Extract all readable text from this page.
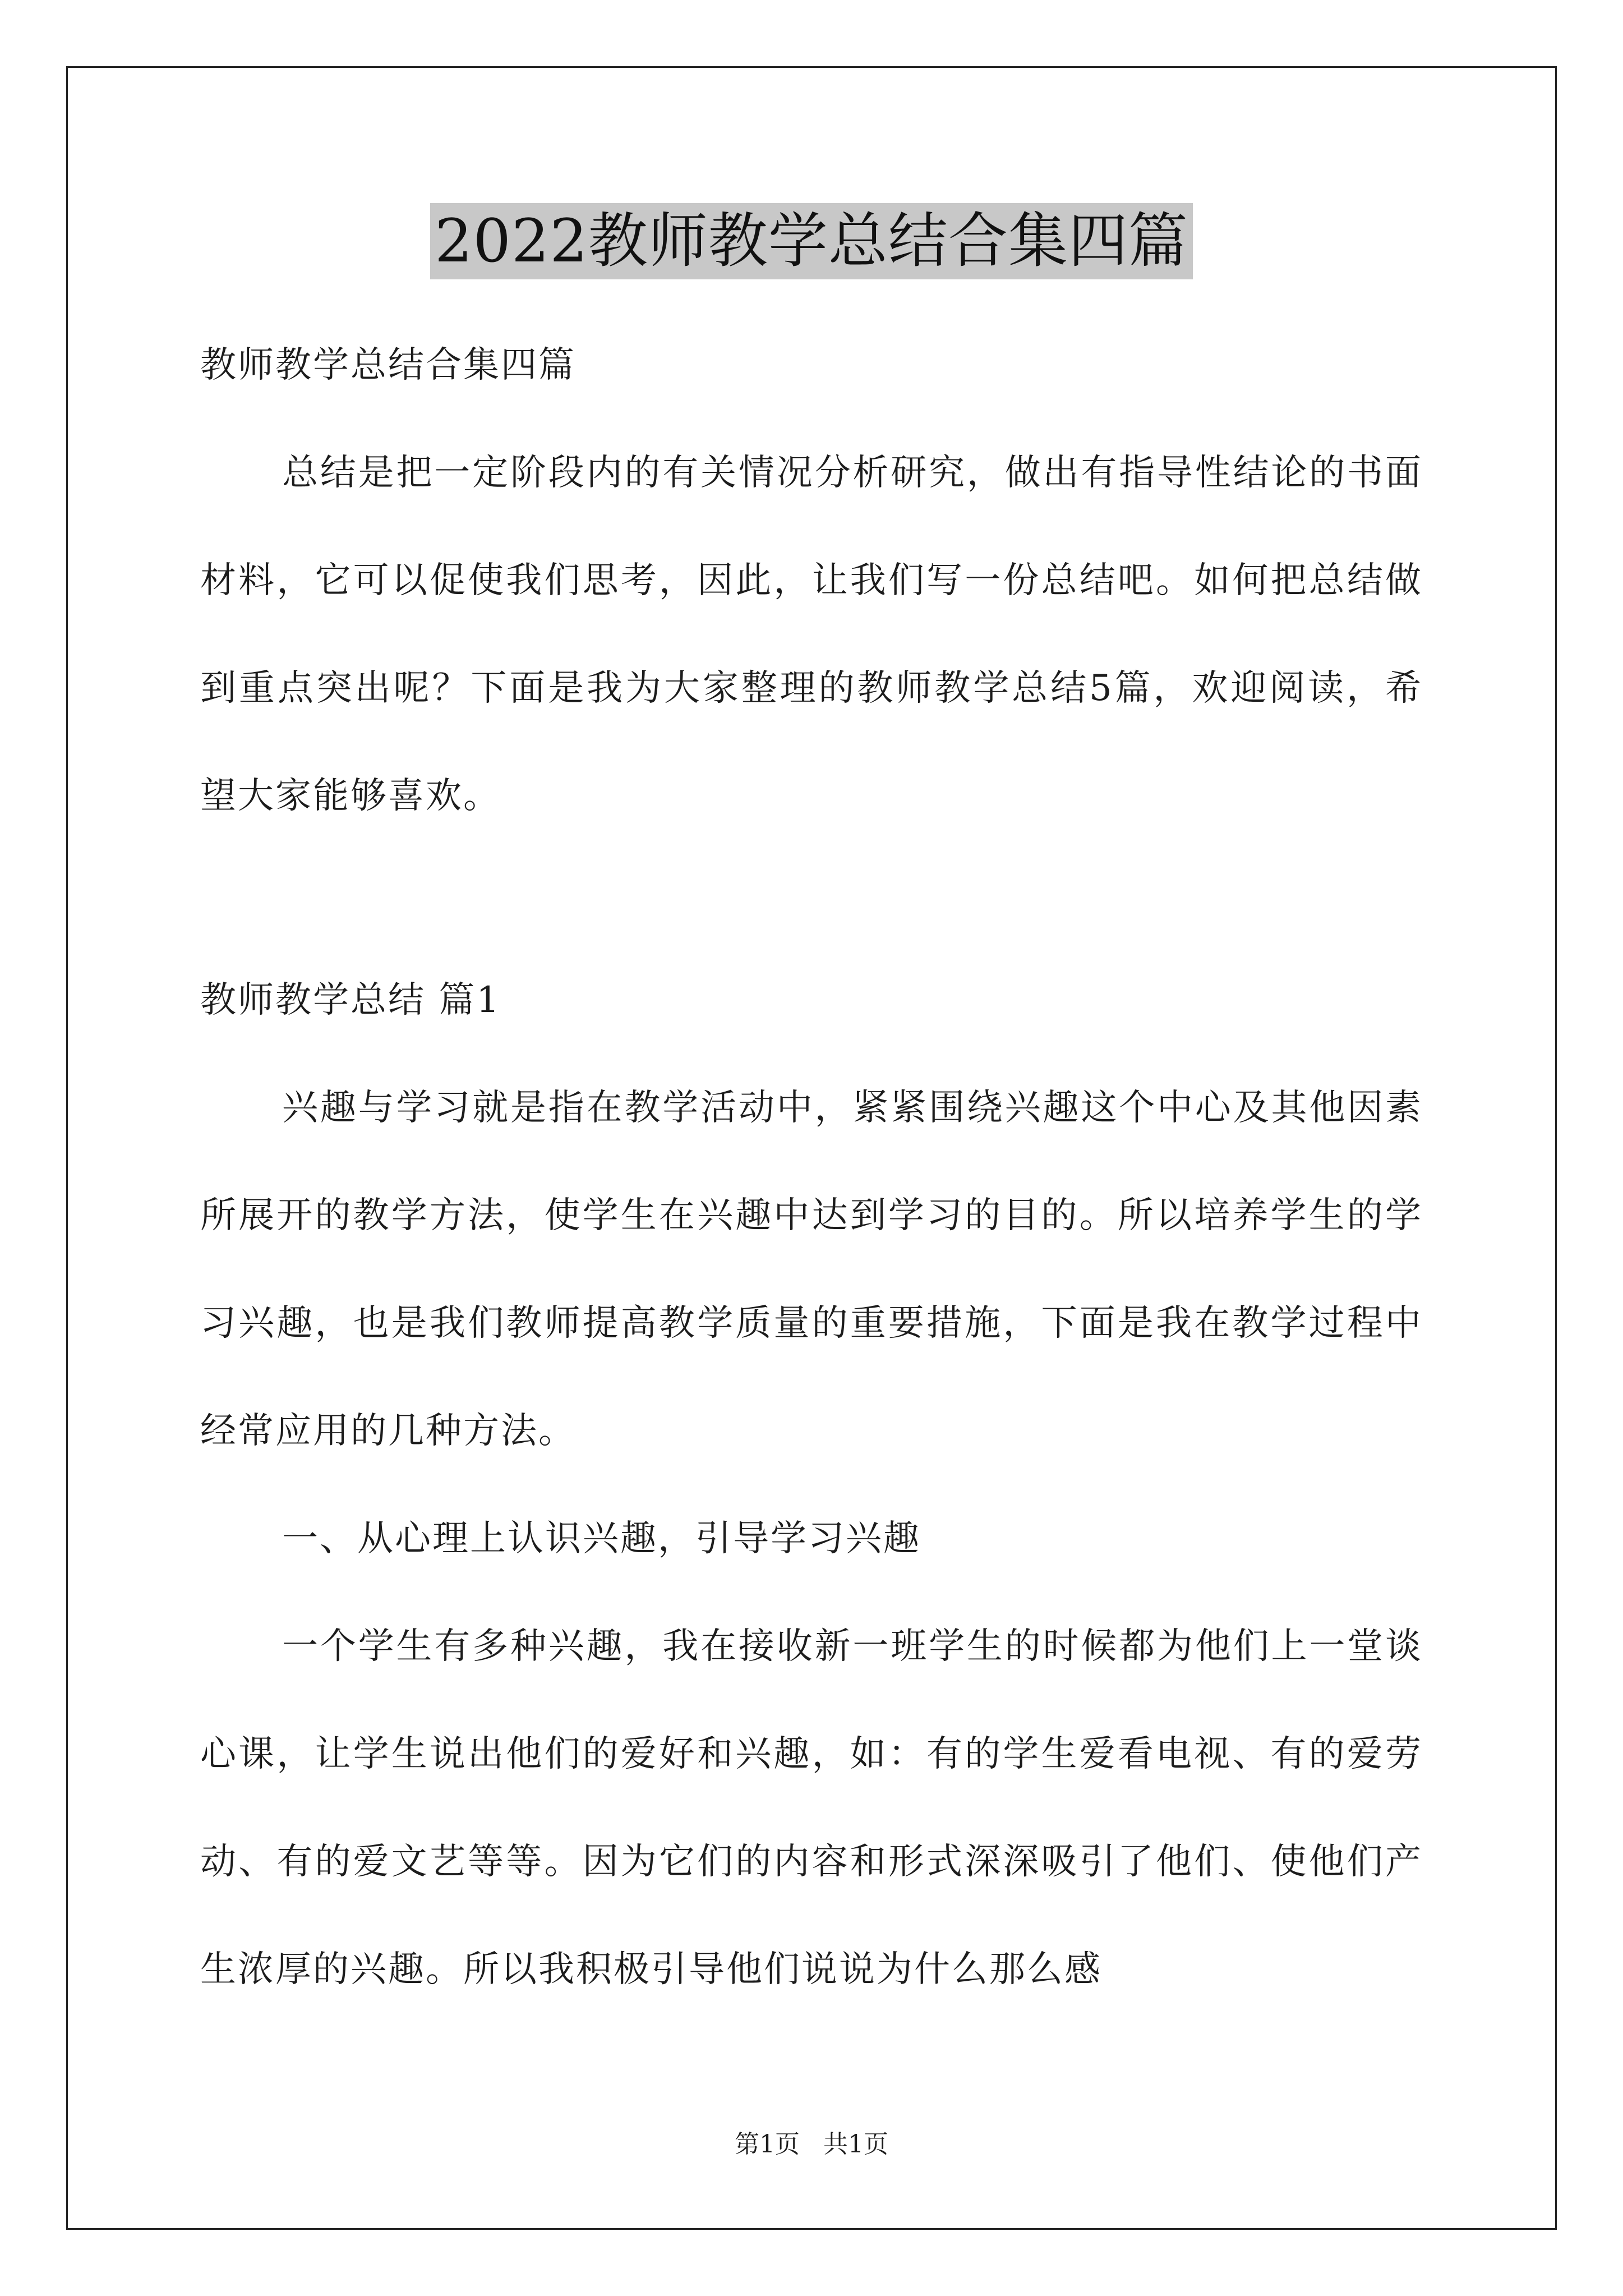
2022教师教学总结合集四篇

教师教学总结合集四篇

总结是把一定阶段内的有关情况分析研究，做出有指导性结论的书面材料，它可以促使我们思考，因此，让我们写一份总结吧。如何把总结做到重点突出呢？下面是我为大家整理的教师教学总结5篇，欢迎阅读，希望大家能够喜欢。

教师教学总结 篇1

兴趣与学习就是指在教学活动中，紧紧围绕兴趣这个中心及其他因素所展开的教学方法，使学生在兴趣中达到学习的目的。所以培养学生的学习兴趣，也是我们教师提高教学质量的重要措施，下面是我在教学过程中经常应用的几种方法。

一、从心理上认识兴趣，引导学习兴趣

一个学生有多种兴趣，我在接收新一班学生的时候都为他们上一堂谈心课，让学生说出他们的爱好和兴趣，如：有的学生爱看电视、有的爱劳动、有的爱文艺等等。因为它们的内容和形式深深吸引了他们、使他们产生浓厚的兴趣。所以我积极引导他们说说为什么那么感

第1页 共1页
